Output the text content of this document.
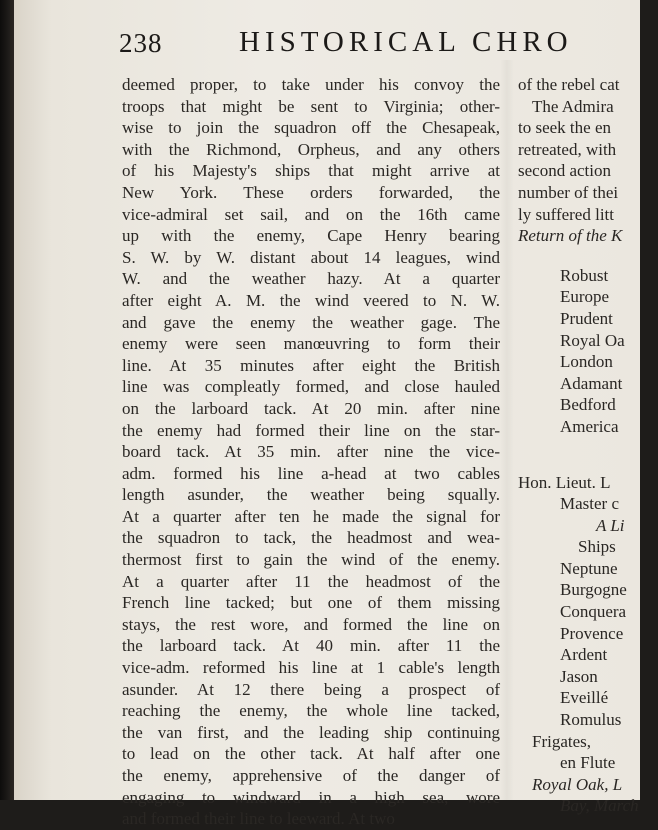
238	HISTORICAL CHRO
deemed proper, to take under his convoy the
troops that might be sent to Virginia; other-
wise to join the squadron off the Chesapeak,
with the Richmond, Orpheus, and any others
of his Majesty's ships that might arrive at
New York. These orders forwarded, the
vice-admiral set sail, and on the 16th came
up with the enemy, Cape Henry bearing
S. W. by W. distant about 14 leagues, wind
W. and the weather hazy. At a quarter
after eight A. M. the wind veered to N. W.
and gave the enemy the weather gage. The
enemy were seen manœuvring to form their
line. At 35 minutes after eight the British
line was compleatly formed, and close hauled
on the larboard tack. At 20 min. after nine
the enemy had formed their line on the star-
board tack. At 35 min. after nine the vice-
adm. formed his line a-head at two cables
length asunder, the weather being squally.
At a quarter after ten he made the signal for
the squadron to tack, the headmost and wea-
thermost first to gain the wind of the enemy.
At a quarter after 11 the headmost of the
French line tacked; but one of them missing
stays, the rest wore, and formed the line on
the larboard tack. At 40 min. after 11 the
vice-adm. reformed his line at 1 cable's length
asunder. At 12 there being a prospect of
reaching the enemy, the whole line tacked,
the van first, and the leading ship continuing
to lead on the other tack. At half after one
the enemy, apprehensive of the danger of
engaging to windward in a high sea, wore
and formed their line to leeward. At two
of the rebel cat
The Admira
to seek the en
retreated, with
second action
number of thei
ly suffered litt
Return of the K
Robust
Europe
Prudent
Royal Oa
London
Adamant
Bedford
America
Hon. Lieut. L
Master c
A Li
Ships
Neptune
Burgogne
Conquera
Provence
Ardent
Jason
Eveillé
Romulus
Frigates,
en Flute
Royal Oak, L
Bay, March
